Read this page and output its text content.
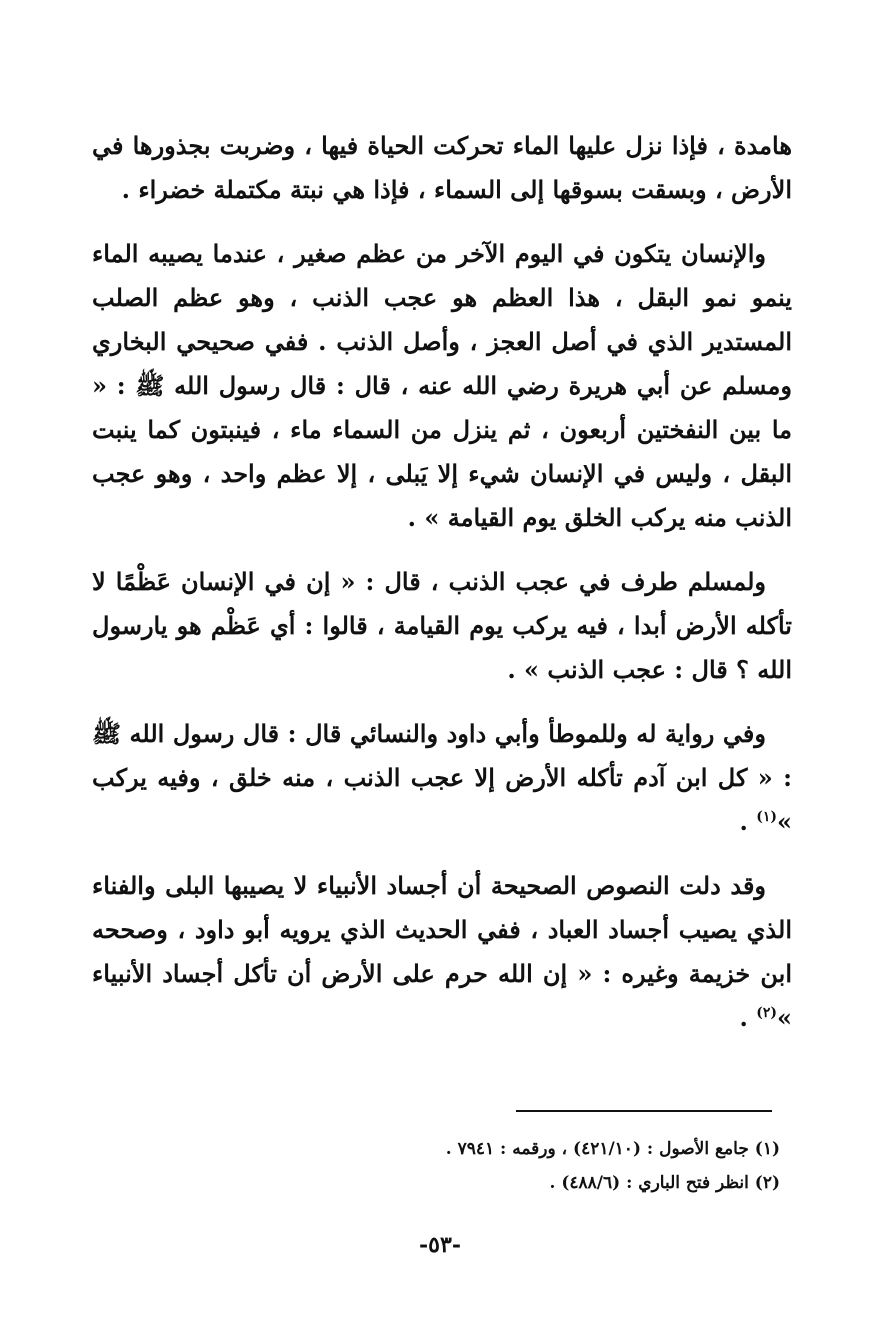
هامدة ، فإذا نزل عليها الماء تحركت الحياة فيها ، وضربت بجذورها في الأرض ، وبسقت بسوقها إلى السماء ، فإذا هي نبتة مكتملة خضراء .

والإنسان يتكون في اليوم الآخر من عظم صغير ، عندما يصيبه الماء ينمو نمو البقل ، هذا العظم هو عجب الذنب ، وهو عظم الصلب المستدير الذي في أصل العجز ، وأصل الذنب . ففي صحيحي البخاري ومسلم عن أبي هريرة رضي الله عنه ، قال : قال رسول الله ﷺ : « ما بين النفختين أربعون ، ثم ينزل من السماء ماء ، فينبتون كما ينبت البقل ، وليس في الإنسان شيء إلا يَبلى ، إلا عظم واحد ، وهو عجب الذنب منه يركب الخلق يوم القيامة » .

ولمسلم طرف في عجب الذنب ، قال : « إن في الإنسان عَظْمًا لا تأكله الأرض أبدا ، فيه يركب يوم القيامة ، قالوا : أي عَظْم هو يارسول الله ؟ قال : عجب الذنب » .

وفي رواية له وللموطأ وأبي داود والنسائي قال : قال رسول الله ﷺ : « كل ابن آدم تأكله الأرض إلا عجب الذنب ، منه خلق ، وفيه يركب »$^{(١)}$ .

وقد دلت النصوص الصحيحة أن أجساد الأنبياء لا يصيبها البلى والفناء الذي يصيب أجساد العباد ، ففي الحديث الذي يرويه أبو داود ، وصححه ابن خزيمة وغيره : « إن الله حرم على الأرض أن تأكل أجساد الأنبياء »$^{(٢)}$ .

(١) جامع الأصول : (٤٢١/١٠) ، ورقمه : ٧٩٤١ .
(٢) انظر فتح الباري : (٤٨٨/٦) .
-٥٣-
